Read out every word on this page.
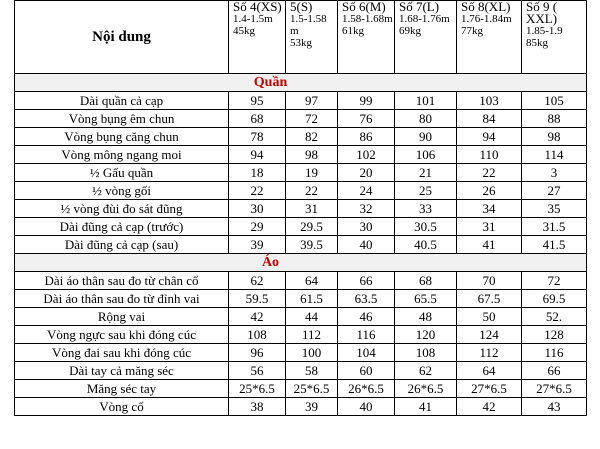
Nội dung	Số 4(XS)
1.4-1.5m
45kg	5(S)
1.5-1.58 m
53kg	Số 6(M)
1.58-1.68m
61kg	Số 7(L)
1.68-1.76m
69kg	Số 8(XL)
1.76-1.84m
77kg	Số 9 ( XXL)
1.85-1.9
85kg

Quần						
Dài quần cả cạp	95	97	99	101	103	105
Vòng bụng êm chun	68	72	76	80	84	88
Vòng bụng căng chun	78	82	86	90	94	98
Vòng mông ngang moi	94	98	102	106	110	114
½ Gấu quần	18	19	20	21	22	3
½ vòng gối	22	22	24	25	26	27
½ vòng đùi đo sát đũng	30	31	32	33	34	35
Dài đũng cả cạp (trước)	29	29.5	30	30.5	31	31.5
Dài đũng cả cạp (sau)	39	39.5	40	40.5	41	41.5
Áo						
Dài áo thân sau đo từ chân cổ	62	64	66	68	70	72
Dài áo thân sau đo từ đỉnh vai	59.5	61.5	63.5	65.5	67.5	69.5
Rộng vai	42	44	46	48	50	52.
Vòng ngực sau khi đóng cúc	108	112	116	120	124	128
Vòng đai sau khi đóng cúc	96	100	104	108	112	116
Dài tay cả măng séc	56	58	60	62	64	66
Măng séc tay	25*6.5	25*6.5	26*6.5	26*6.5	27*6.5	27*6.5
Vòng cổ	38	39	40	41	42	43
